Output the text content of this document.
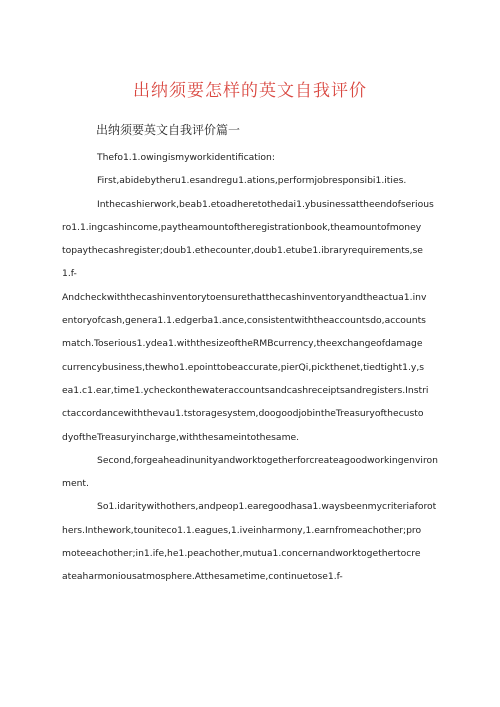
出纳须要怎样的英文自我评价
出纳须要英文自我评价篇一
Thefo1.1.owingismyworkidentification:
First,abidebytheru1.esandregu1.ations,performjobresponsibi1.ities.
Inthecashierwork,beab1.etoadheretothedai1.ybusinessattheendofserious
ro1.1.ingcashincome,paytheamountoftheregistrationbook,theamountofmoney
topaythecashregister;doub1.ethecounter,doub1.etube1.ibraryrequirements,se
1.f-
Andcheckwiththecashinventorytoensurethatthecashinventoryandtheactua1.inv
entoryofcash,genera1.1.edgerba1.ance,consistentwiththeaccountsdo,accounts
match.Toserious1.ydea1.withthesizeoftheRMBcurrency,theexchangeofdamage
currencybusiness,thewho1.epointtobeaccurate,pierQi,pickthenet,tiedtight1.y,s
ea1.c1.ear,time1.ycheckonthewateraccountsandcashreceiptsandregisters.Instri
ctaccordancewiththevau1.tstoragesystem,doogoodjobintheTreasuryofthecusto
dyoftheTreasuryincharge,withthesameintothesame.
Second,forgeaheadinunityandworktogetherforcreateagoodworkingenviron
ment.
So1.idaritywithothers,andpeop1.earegoodhasa1.waysbeenmycriteriaforot
hers.Inthework,touniteco1.1.eagues,1.iveinharmony,1.earnfromeachother;pro
moteeachother;in1.ife,he1.peachother,mutua1.concernandworktogethertocre
ateaharmoniousatmosphere.Atthesametime,continuetose1.f-
